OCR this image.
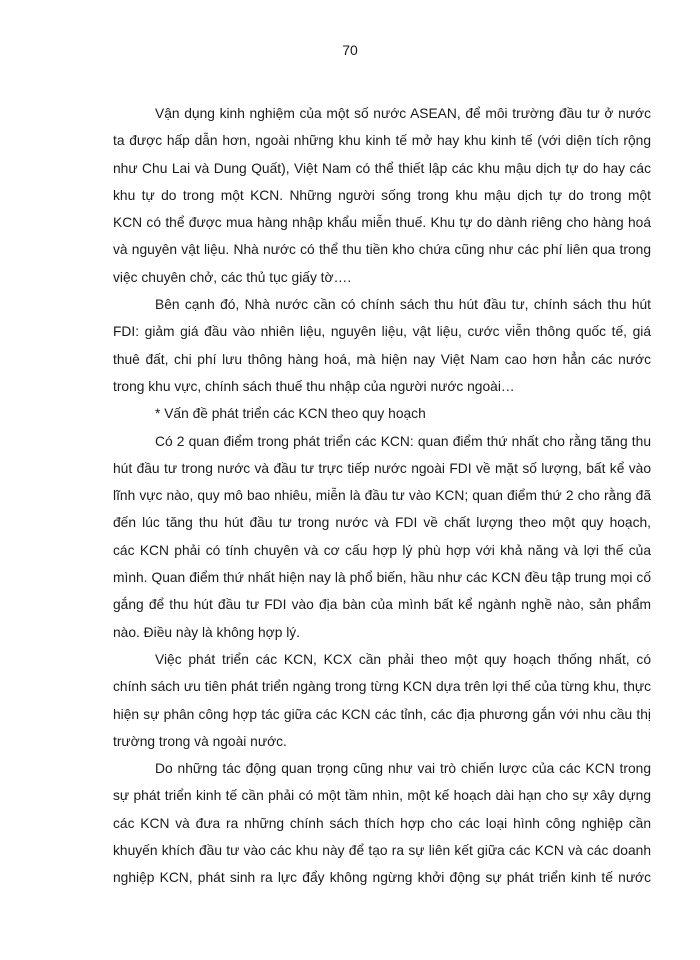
70

Vận dụng kinh nghiệm của một số nước ASEAN, để môi trường đầu tư ở nước
ta được hấp dẫn hơn, ngoài những khu kinh tế mở hay khu kinh tế (với diện tích rộng
như Chu Lai và Dung Quất), Việt Nam có thể thiết lập các khu mậu dịch tự do hay các
khu tự do trong một KCN. Những người sống trong khu mậu dịch tự do trong một
KCN có thể được mua hàng nhập khẩu miễn thuế. Khu tự do dành riêng cho hàng hoá
và nguyên vật liệu. Nhà nước có thể thu tiền kho chứa cũng như các phí liên qua trong
việc chuyên chở, các thủ tục giấy tờ….

Bên cạnh đó, Nhà nước cần có chính sách thu hút đầu tư, chính sách thu hút
FDI: giảm giá đầu vào nhiên liệu, nguyên liệu, vật liệu, cước viễn thông quốc tế, giá
thuê đất, chi phí lưu thông hàng hoá, mà hiện nay Việt Nam cao hơn hẳn các nước
trong khu vực, chính sách thuế thu nhập của người nước ngoài…

* Vấn đề phát triển các KCN theo quy hoạch

Có 2 quan điểm trong phát triển các KCN: quan điểm thứ nhất cho rằng tăng thu
hút đầu tư trong nước và đầu tư trực tiếp nước ngoài FDI về mặt số lượng, bất kể vào
lĩnh vực nào, quy mô bao nhiêu, miễn là đầu tư vào KCN; quan điểm thứ 2 cho rằng đã
đến lúc tăng thu hút đầu tư trong nước và FDI về chất lượng theo một quy hoạch,
các KCN phải có tính chuyên và cơ cấu hợp lý phù hợp với khả năng và lợi thế của
mình. Quan điểm thứ nhất hiện nay là phổ biến, hầu như các KCN đều tập trung mọi cố
gắng để thu hút đầu tư FDI vào địa bàn của mình bất kể ngành nghề nào, sản phẩm
nào. Điều này là không hợp lý.

Việc phát triển các KCN, KCX cần phải theo một quy hoạch thống nhất, có
chính sách ưu tiên phát triển ngàng trong từng KCN dựa trên lợi thế của từng khu, thực
hiện sự phân công hợp tác giữa các KCN các tỉnh, các địa phương gắn với nhu cầu thị
trường trong và ngoài nước.

Do những tác động quan trọng cũng như vai trò chiến lược của các KCN trong
sự phát triển kinh tế cần phải có một tầm nhìn, một kế hoạch dài hạn cho sự xây dựng
các KCN và đưa ra những chính sách thích hợp cho các loại hình công nghiệp cần
khuyến khích đầu tư vào các khu này để tạo ra sự liên kết giữa các KCN và các doanh
nghiệp KCN, phát sinh ra lực đẩy không ngừng khởi động sự phát triển kinh tế nước
